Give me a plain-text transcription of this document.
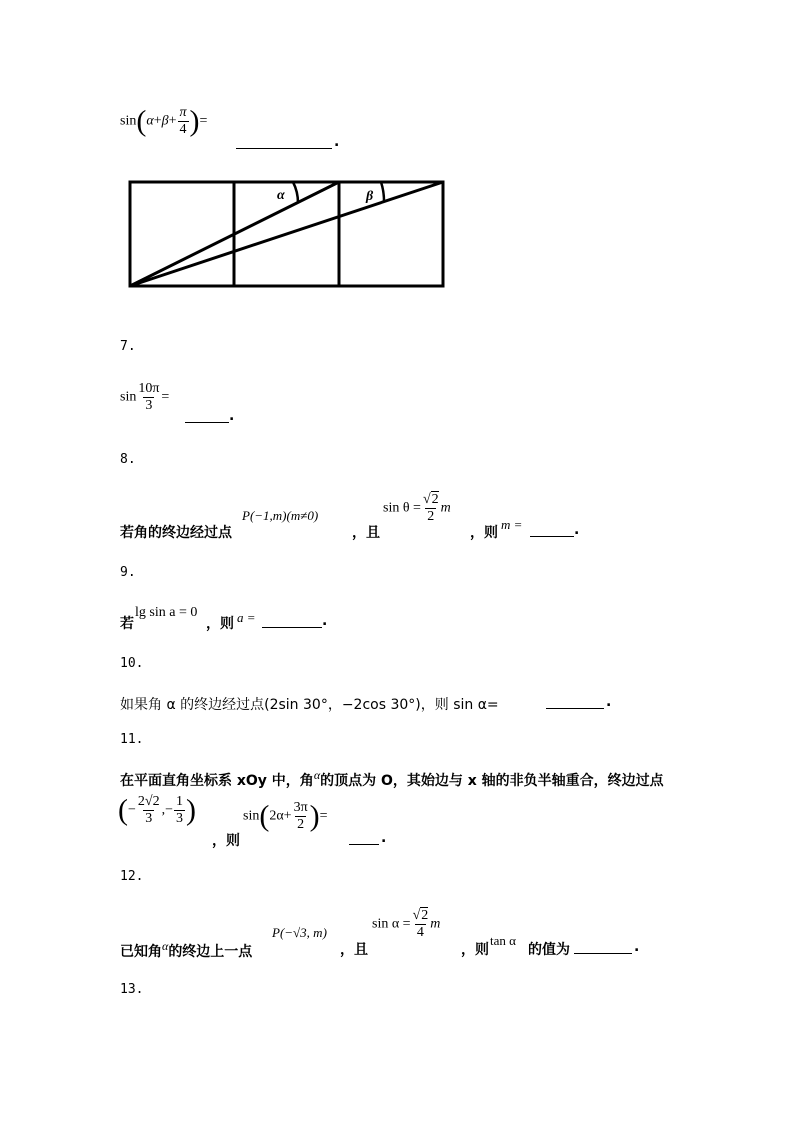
$\sin(\alpha+\beta+ \frac{\pi}{4}$ )=
.
α	β
7.
$\sin \frac{10\pi}{3}$ =
.
8.
若角的终边经过点
P(−1,m)(m≠0)
，且
$\sin \theta = \frac{√2}{2}$ m
，则
m =	.
9.
若
lg sin a = 0
，则 a =	.
10.
如果角 α 的终边经过点(2sin 30°，−2cos 30°)，则 sin α=	.
11.
在平面直角坐标系 xOy 中，角α的顶点为 O，其始边与 x 轴的非负半轴重合，终边过点
(− $\frac{2√2}{3}$ ,− $\frac{1}{3}$ )
，则
$\sin(2\alpha+ \frac{3\pi}{2}$ )=
.
12.
已知角α的终边上一点
P(−√3, m)
，且
$\sin \alpha = \frac{√2}{4}$ m
，则
tan α
的值为	.
13.
